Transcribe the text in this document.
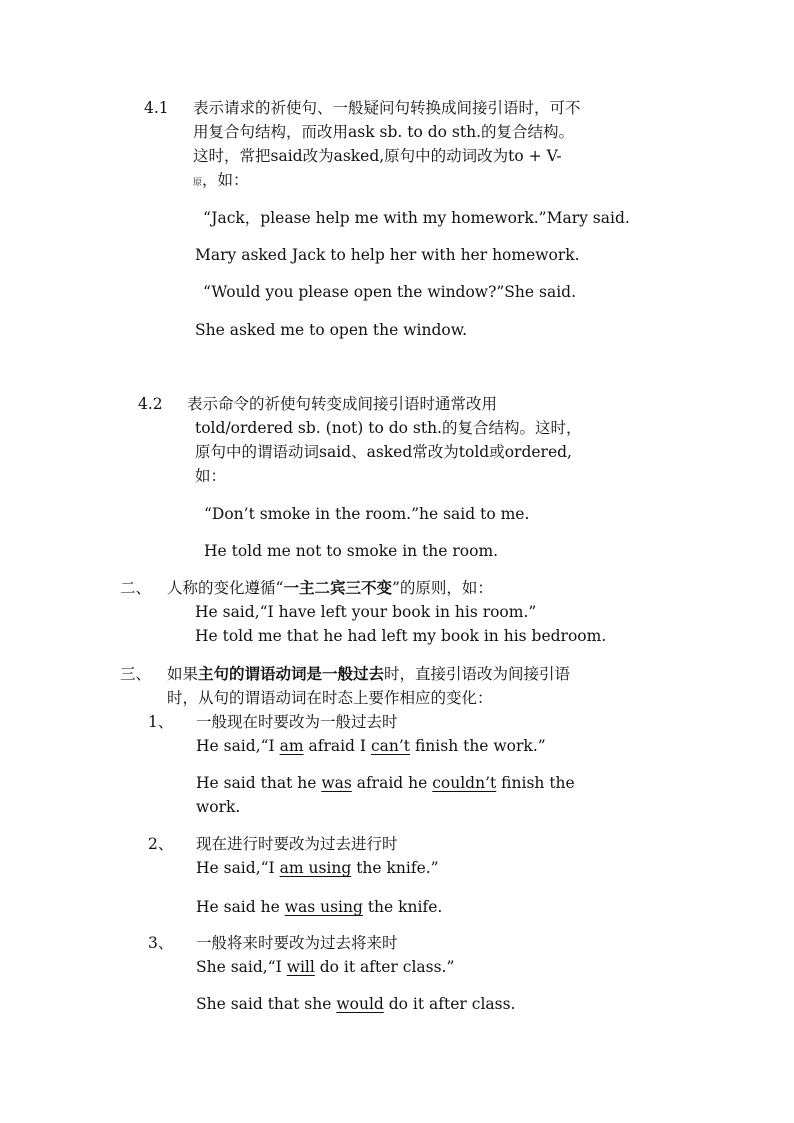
4.1 表示请求的祈使句、一般疑问句转换成间接引语时，可不
用复合句结构，而改用ask sb. to do sth.的复合结构。
这时，常把said改为asked,原句中的动词改为to + V-
原，如：
“Jack，please help me with my homework.”Mary said.
Mary asked Jack to help her with her homework.
“Would you please open the window?”She said.
She asked me to open the window.
4.2 表示命令的祈使句转变成间接引语时通常改用
told/ordered sb. (not) to do sth.的复合结构。这时，
原句中的谓语动词said、asked常改为told或ordered,
如：
“Don’t smoke in the room.”he said to me.
He told me not to smoke in the room.
二、 人称的变化遵循“一主二宾三不变”的原则，如：
He said,“I have left your book in his room.”
He told me that he had left my book in his bedroom.
三、 如果主句的谓语动词是一般过去时，直接引语改为间接引语
时，从句的谓语动词在时态上要作相应的变化：
1、 一般现在时要改为一般过去时
He said,“I am afraid I can’t finish the work.”
He said that he was afraid he couldn’t finish the
work.
2、 现在进行时要改为过去进行时
He said,“I am using the knife.”
He said he was using the knife.
3、 一般将来时要改为过去将来时
She said,“I will do it after class.”
She said that she would do it after class.
